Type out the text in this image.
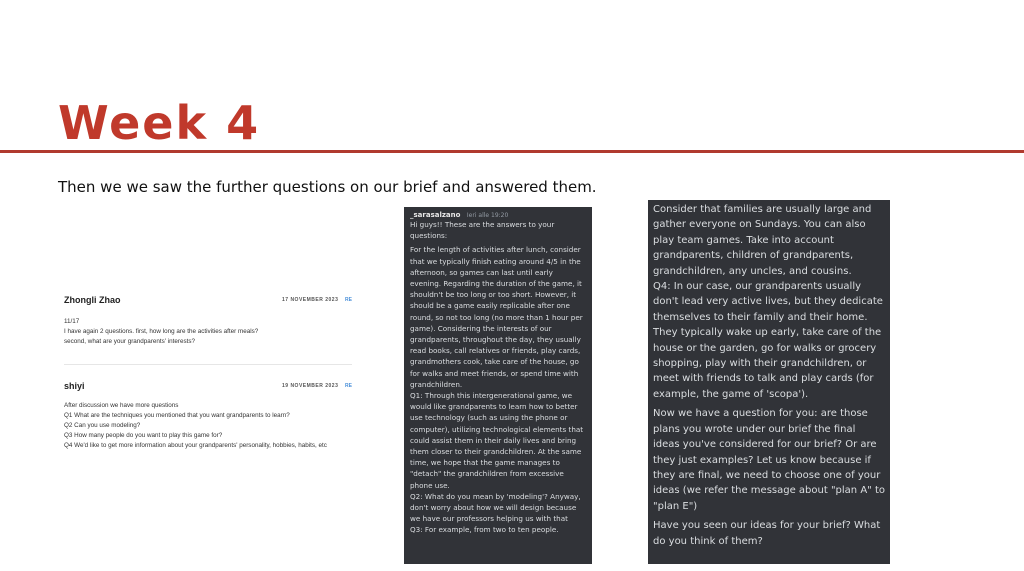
Week 4
Then we we saw the further questions on our brief and answered them.
Zhongli Zhao	17 NOVEMBER 2023 RE
11/17
I have again 2 questions. first, how long are the activities after meals?
second, what are your grandparents' interests?
shiyi	19 NOVEMBER 2023 RE
After discussion we have more questions
Q1 What are the techniques you mentioned that you want grandparents to learn?
Q2 Can you use modeling?
Q3 How many people do you want to play this game for?
Q4 We'd like to get more information about your grandparents' personality, hobbies, habits, etc
_sarasalzano Ieri alle 19:20

Hi guys!! These are the answers to your questions:

For the length of activities after lunch, consider that we typically finish eating around 4/5 in the afternoon, so games can last until early evening. Regarding the duration of the game, it shouldn't be too long or too short. However, it should be a game easily replicable after one round, so not too long (no more than 1 hour per game). Considering the interests of our grandparents, throughout the day, they usually read books, call relatives or friends, play cards, grandmothers cook, take care of the house, go for walks and meet friends, or spend time with grandchildren.
Q1: Through this intergenerational game, we would like grandparents to learn how to better use technology (such as using the phone or computer), utilizing technological elements that could assist them in their daily lives and bring them closer to their grandchildren. At the same time, we hope that the game manages to "detach" the grandchildren from excessive phone use.
Q2: What do you mean by 'modeling'? Anyway, don't worry about how we will design because we have our professors helping us with that
Q3: For example, from two to ten people.

Consider that families are usually large and gather everyone on Sundays. You can also play team games. Take into account grandparents, children of grandparents, grandchildren, any uncles, and cousins.
Q4: In our case, our grandparents usually don't lead very active lives, but they dedicate themselves to their family and their home. They typically wake up early, take care of the house or the garden, go for walks or grocery shopping, play with their grandchildren, or meet with friends to talk and play cards (for example, the game of 'scopa').

Now we have a question for you: are those plans you wrote under our brief the final ideas you've considered for our brief? Or are they just examples? Let us know because if they are final, we need to choose one of your ideas (we refer the message about "plan A" to "plan E")

Have you seen our ideas for your brief? What do you think of them?
